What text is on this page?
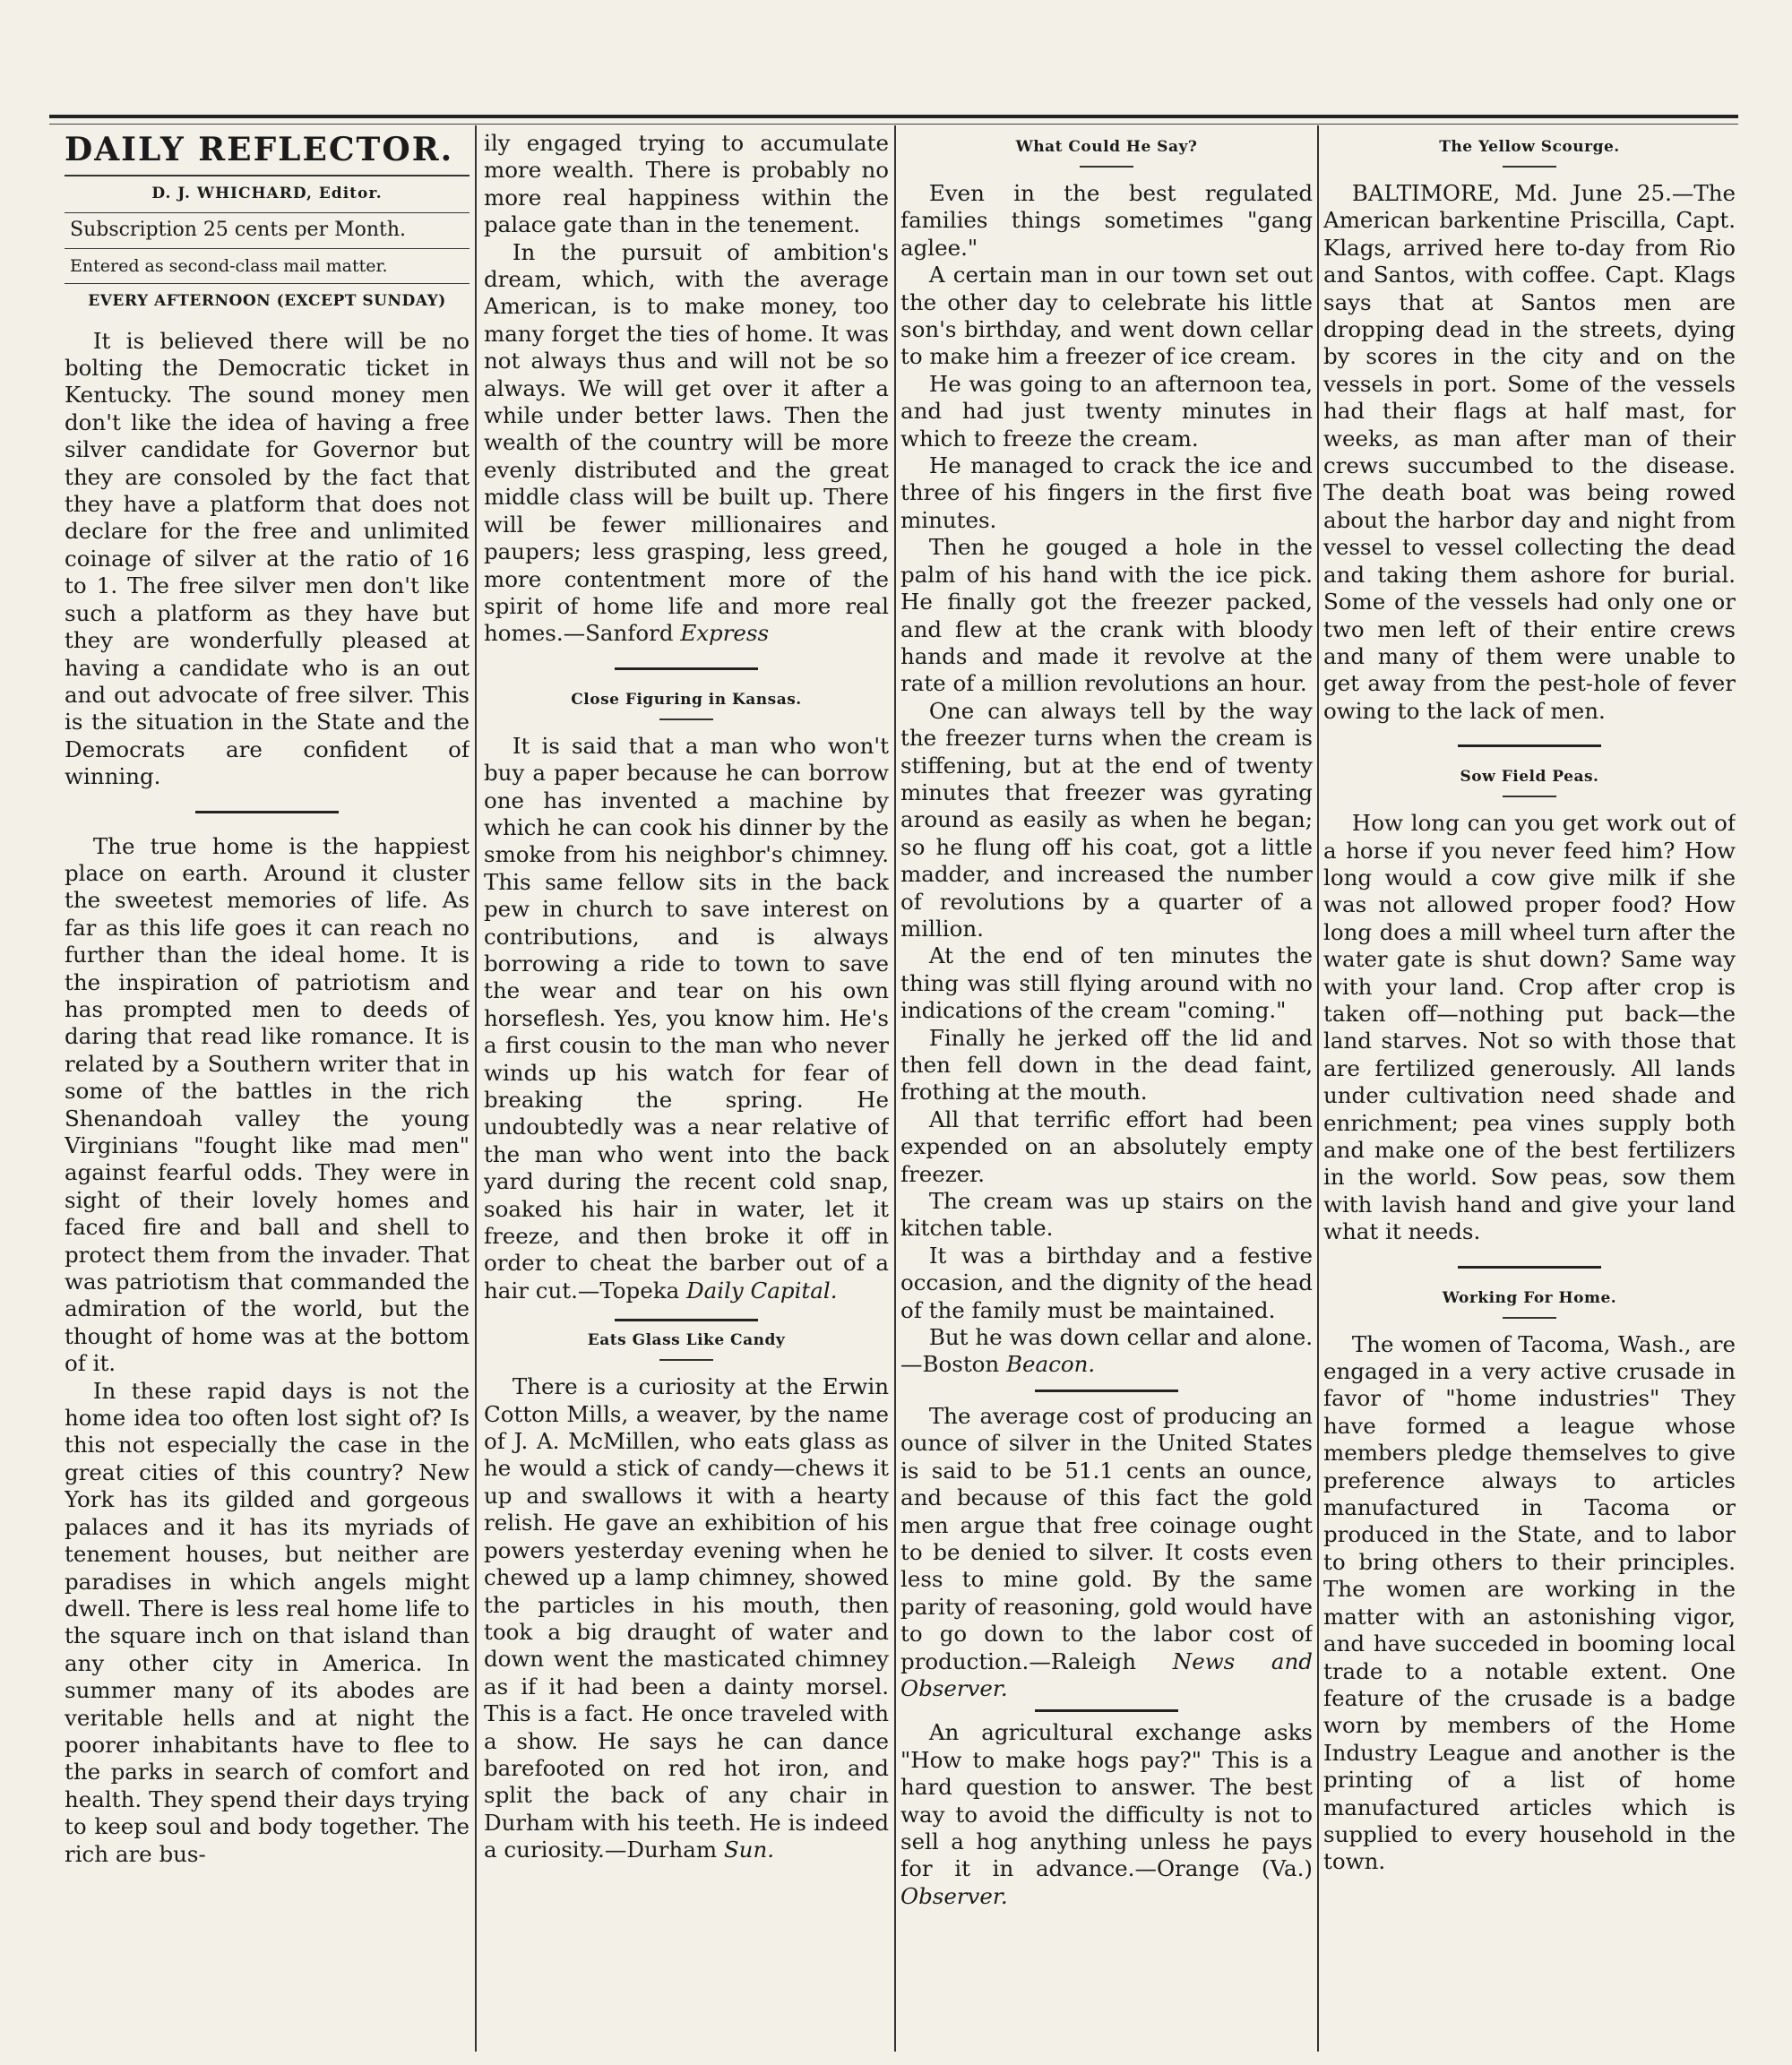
DAILY REFLECTOR.
D. J. WHICHARD, Editor.
Subscription 25 cents per Month.
Entered as second-class mail matter.
EVERY AFTERNOON (EXCEPT SUNDAY)

It is believed there will be no bolting the Democratic ticket in Kentucky. The sound money men don't like the idea of having a free silver candidate for Governor but they are consoled by the fact that they have a platform that does not declare for the free and unlimited coinage of silver at the ratio of 16 to 1. The free silver men don't like such a platform as they have but they are wonderfully pleased at having a candidate who is an out and out advocate of free silver. This is the situation in the State and the Democrats are confident of winning.

The true home is the happiest place on earth. Around it cluster the sweetest memories of life. As far as this life goes it can reach no further than the ideal home. It is the inspiration of patriotism and has prompted men to deeds of daring that read like romance. It is related by a Southern writer that in some of the battles in the rich Shenandoah valley the young Virginians "fought like mad men" against fearful odds. They were in sight of their lovely homes and faced fire and ball and shell to protect them from the invader. That was patriotism that commanded the admiration of the world, but the thought of home was at the bottom of it.

In these rapid days is not the home idea too often lost sight of? Is this not especially the case in the great cities of this country? New York has its gilded and gorgeous palaces and it has its myriads of tenement houses, but neither are paradises in which angels might dwell. There is less real home life to the square inch on that island than any other city in America. In summer many of its abodes are veritable hells and at night the poorer inhabitants have to flee to the parks in search of comfort and health. They spend their days trying to keep soul and body together. The rich are bus-

ily engaged trying to accumulate more wealth. There is probably no more real happiness within the palace gate than in the tenement.

In the pursuit of ambition's dream, which, with the average American, is to make money, too many forget the ties of home. It was not always thus and will not be so always. We will get over it after a while under better laws. Then the wealth of the country will be more evenly distributed and the great middle class will be built up. There will be fewer millionaires and paupers; less grasping, less greed, more contentment more of the spirit of home life and more real homes.—Sanford Express

Close Figuring in Kansas.

It is said that a man who won't buy a paper because he can borrow one has invented a machine by which he can cook his dinner by the smoke from his neighbor's chimney. This same fellow sits in the back pew in church to save interest on contributions, and is always borrowing a ride to town to save the wear and tear on his own horseflesh. Yes, you know him. He's a first cousin to the man who never winds up his watch for fear of breaking the spring. He undoubtedly was a near relative of the man who went into the back yard during the recent cold snap, soaked his hair in water, let it freeze, and then broke it off in order to cheat the barber out of a hair cut.—Topeka Daily Capital.

Eats Glass Like Candy

There is a curiosity at the Erwin Cotton Mills, a weaver, by the name of J. A. McMillen, who eats glass as he would a stick of candy—chews it up and swallows it with a hearty relish. He gave an exhibition of his powers yesterday evening when he chewed up a lamp chimney, showed the particles in his mouth, then took a big draught of water and down went the masticated chimney as if it had been a dainty morsel. This is a fact. He once traveled with a show. He says he can dance barefooted on red hot iron, and split the back of any chair in Durham with his teeth. He is indeed a curiosity.—Durham Sun.

What Could He Say?

Even in the best regulated families things sometimes "gang aglee."

A certain man in our town set out the other day to celebrate his little son's birthday, and went down cellar to make him a freezer of ice cream.

He was going to an afternoon tea, and had just twenty minutes in which to freeze the cream.

He managed to crack the ice and three of his fingers in the first five minutes.

Then he gouged a hole in the palm of his hand with the ice pick. He finally got the freezer packed, and flew at the crank with bloody hands and made it revolve at the rate of a million revolutions an hour.

One can always tell by the way the freezer turns when the cream is stiffening, but at the end of twenty minutes that freezer was gyrating around as easily as when he began; so he flung off his coat, got a little madder, and increased the number of revolutions by a quarter of a million.

At the end of ten minutes the thing was still flying around with no indications of the cream "coming."

Finally he jerked off the lid and then fell down in the dead faint, frothing at the mouth.

All that terrific effort had been expended on an absolutely empty freezer.

The cream was up stairs on the kitchen table.

It was a birthday and a festive occasion, and the dignity of the head of the family must be maintained.

But he was down cellar and alone.—Boston Beacon.

The average cost of producing an ounce of silver in the United States is said to be 51.1 cents an ounce, and because of this fact the gold men argue that free coinage ought to be denied to silver. It costs even less to mine gold. By the same parity of reasoning, gold would have to go down to the labor cost of production.—Raleigh News and Observer.

An agricultural exchange asks "How to make hogs pay?" This is a hard question to answer. The best way to avoid the difficulty is not to sell a hog anything unless he pays for it in advance.—Orange (Va.) Observer.

The Yellow Scourge.

BALTIMORE, Md. June 25.—The American barkentine Priscilla, Capt. Klags, arrived here to-day from Rio and Santos, with coffee. Capt. Klags says that at Santos men are dropping dead in the streets, dying by scores in the city and on the vessels in port. Some of the vessels had their flags at half mast, for weeks, as man after man of their crews succumbed to the disease. The death boat was being rowed about the harbor day and night from vessel to vessel collecting the dead and taking them ashore for burial. Some of the vessels had only one or two men left of their entire crews and many of them were unable to get away from the pest-hole of fever owing to the lack of men.

Sow Field Peas.

How long can you get work out of a horse if you never feed him? How long would a cow give milk if she was not allowed proper food? How long does a mill wheel turn after the water gate is shut down? Same way with your land. Crop after crop is taken off—nothing put back—the land starves. Not so with those that are fertilized generously. All lands under cultivation need shade and enrichment; pea vines supply both and make one of the best fertilizers in the world. Sow peas, sow them with lavish hand and give your land what it needs.

Working For Home.

The women of Tacoma, Wash., are engaged in a very active crusade in favor of "home industries" They have formed a league whose members pledge themselves to give preference always to articles manufactured in Tacoma or produced in the State, and to labor to bring others to their principles. The women are working in the matter with an astonishing vigor, and have succeded in booming local trade to a notable extent. One feature of the crusade is a badge worn by members of the Home Industry League and another is the printing of a list of home manufactured articles which is supplied to every household in the town.
